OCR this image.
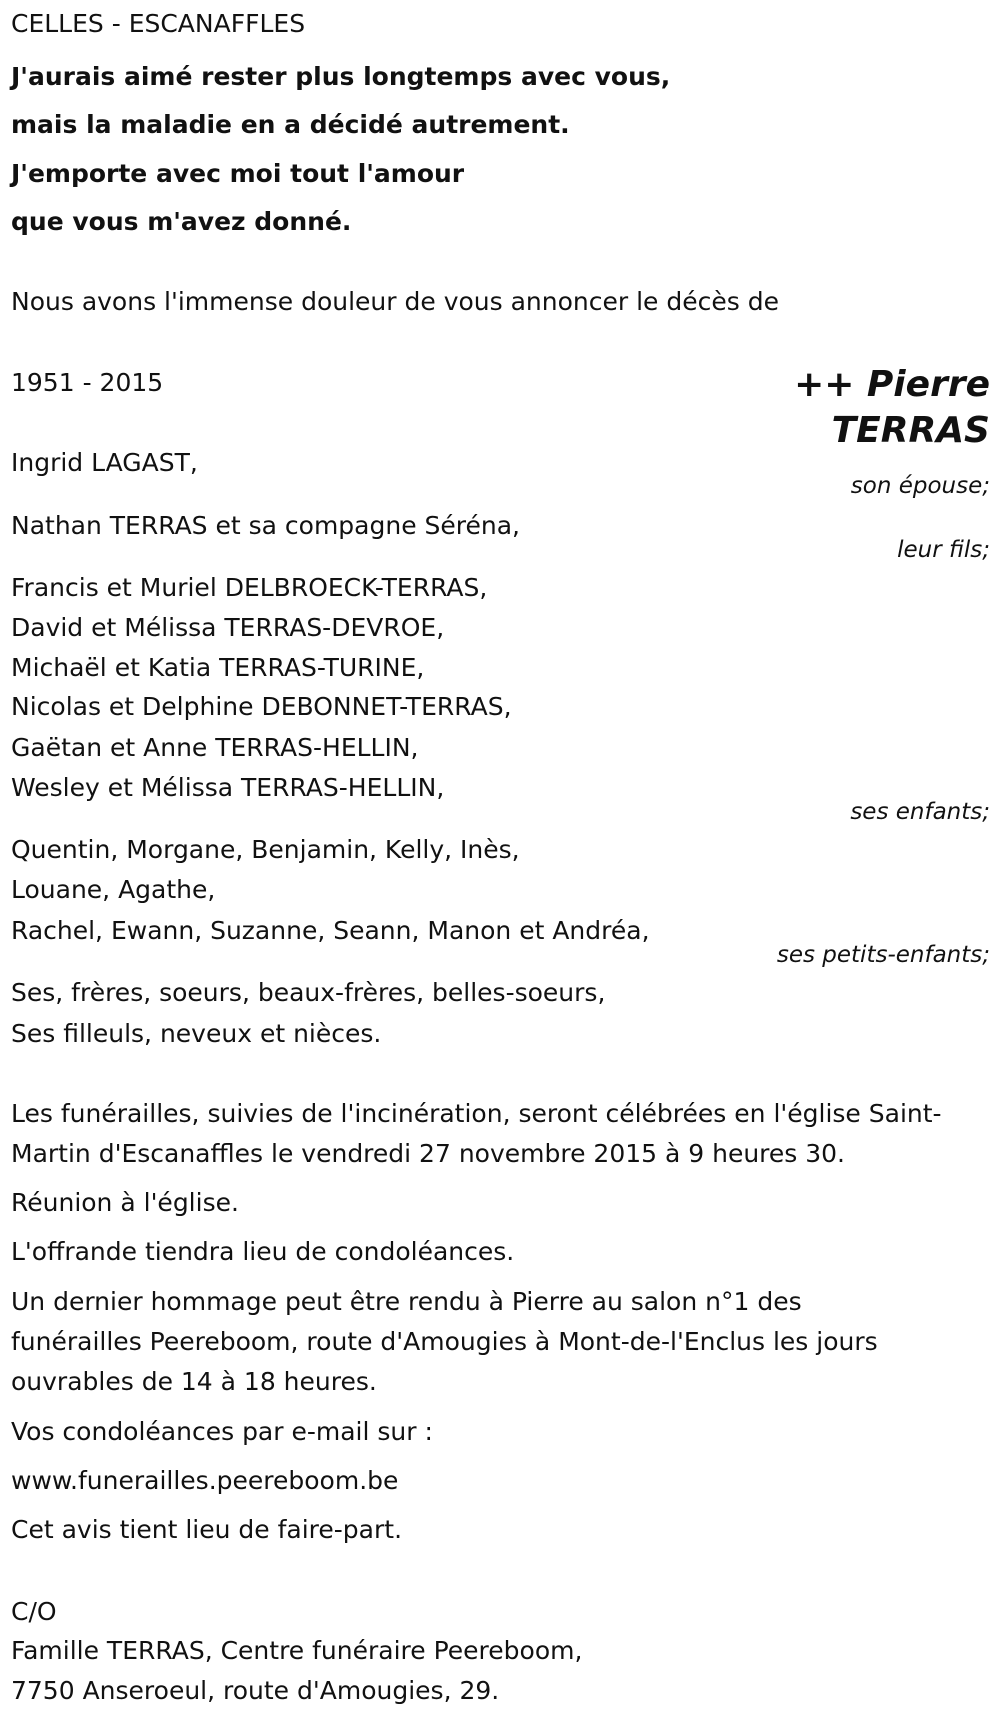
CELLES - ESCANAFFLES
J'aurais aimé rester plus longtemps avec vous,
mais la maladie en a décidé autrement.
J'emporte avec moi tout l'amour
que vous m'avez donné.
Nous avons l'immense douleur de vous annoncer le décès de
1951 - 2015	++ Pierre
TERRAS
Ingrid LAGAST,
son épouse;
Nathan TERRAS et sa compagne Séréna,
leur fils;
Francis et Muriel DELBROECK-TERRAS,
David et Mélissa TERRAS-DEVROE,
Michaël et Katia TERRAS-TURINE,
Nicolas et Delphine DEBONNET-TERRAS,
Gaëtan et Anne TERRAS-HELLIN,
Wesley et Mélissa TERRAS-HELLIN,
ses enfants;
Quentin, Morgane, Benjamin, Kelly, Inès,
Louane, Agathe,
Rachel, Ewann, Suzanne, Seann, Manon et Andréa,
ses petits-enfants;
Ses, frères, soeurs, beaux-frères, belles-soeurs,
Ses filleuls, neveux et nièces.
Les funérailles, suivies de l'incinération, seront célébrées en l'église Saint-
Martin d'Escanaffles le vendredi 27 novembre 2015 à 9 heures 30.
Réunion à l'église.
L'offrande tiendra lieu de condoléances.
Un dernier hommage peut être rendu à Pierre au salon n°1 des
funérailles Peereboom, route d'Amougies à Mont-de-l'Enclus les jours
ouvrables de 14 à 18 heures.
Vos condoléances par e-mail sur :
www.funerailles.peereboom.be
Cet avis tient lieu de faire-part.
C/O
Famille TERRAS, Centre funéraire Peereboom,
7750 Anseroeul, route d'Amougies, 29.
